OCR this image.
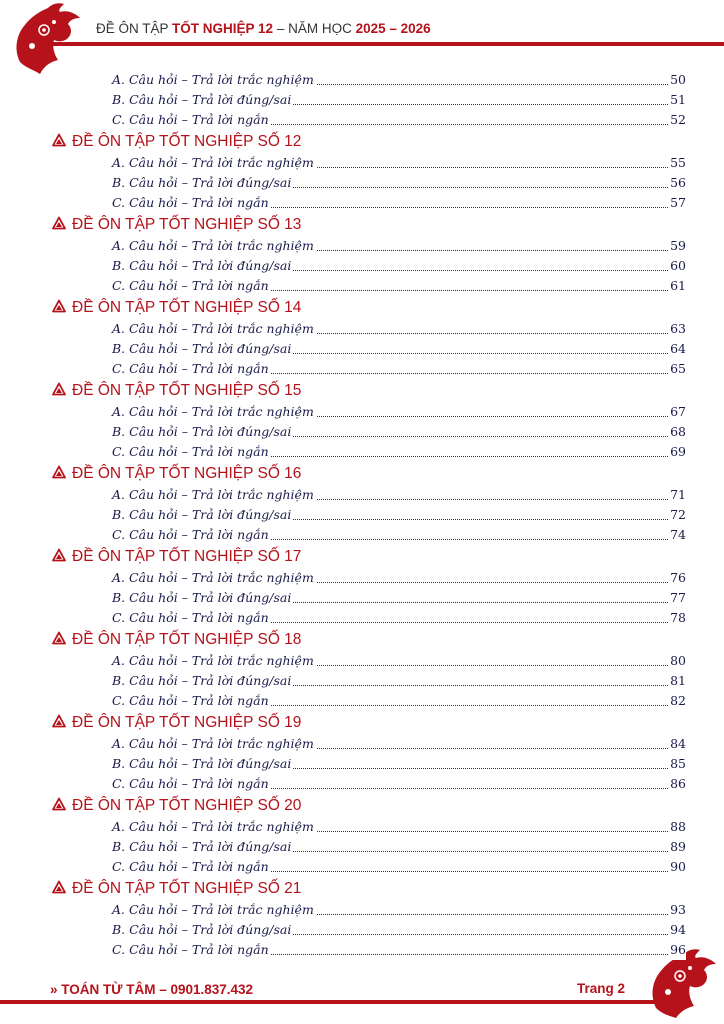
ĐỀ ÔN TẬP TỐT NGHIỆP 12 – NĂM HỌC 2025 – 2026
A. Câu hỏi – Trả lời trắc nghiệm	50
B. Câu hỏi – Trả lời đúng/sai	51
C. Câu hỏi – Trả lời ngắn	52
ĐỀ ÔN TẬP TỐT NGHIỆP SỐ 12
A. Câu hỏi – Trả lời trắc nghiệm	55
B. Câu hỏi – Trả lời đúng/sai	56
C. Câu hỏi – Trả lời ngắn	57
ĐỀ ÔN TẬP TỐT NGHIỆP SỐ 13
A. Câu hỏi – Trả lời trắc nghiệm	59
B. Câu hỏi – Trả lời đúng/sai	60
C. Câu hỏi – Trả lời ngắn	61
ĐỀ ÔN TẬP TỐT NGHIỆP SỐ 14
A. Câu hỏi – Trả lời trắc nghiệm	63
B. Câu hỏi – Trả lời đúng/sai	64
C. Câu hỏi – Trả lời ngắn	65
ĐỀ ÔN TẬP TỐT NGHIỆP SỐ 15
A. Câu hỏi – Trả lời trắc nghiệm	67
B. Câu hỏi – Trả lời đúng/sai	68
C. Câu hỏi – Trả lời ngắn	69
ĐỀ ÔN TẬP TỐT NGHIỆP SỐ 16
A. Câu hỏi – Trả lời trắc nghiệm	71
B. Câu hỏi – Trả lời đúng/sai	72
C. Câu hỏi – Trả lời ngắn	74
ĐỀ ÔN TẬP TỐT NGHIỆP SỐ 17
A. Câu hỏi – Trả lời trắc nghiệm	76
B. Câu hỏi – Trả lời đúng/sai	77
C. Câu hỏi – Trả lời ngắn	78
ĐỀ ÔN TẬP TỐT NGHIỆP SỐ 18
A. Câu hỏi – Trả lời trắc nghiệm	80
B. Câu hỏi – Trả lời đúng/sai	81
C. Câu hỏi – Trả lời ngắn	82
ĐỀ ÔN TẬP TỐT NGHIỆP SỐ 19
A. Câu hỏi – Trả lời trắc nghiệm	84
B. Câu hỏi – Trả lời đúng/sai	85
C. Câu hỏi – Trả lời ngắn	86
ĐỀ ÔN TẬP TỐT NGHIỆP SỐ 20
A. Câu hỏi – Trả lời trắc nghiệm	88
B. Câu hỏi – Trả lời đúng/sai	89
C. Câu hỏi – Trả lời ngắn	90
ĐỀ ÔN TẬP TỐT NGHIỆP SỐ 21
A. Câu hỏi – Trả lời trắc nghiệm	93
B. Câu hỏi – Trả lời đúng/sai	94
C. Câu hỏi – Trả lời ngắn	96
» TOÁN TỪ TÂM – 0901.837.432	Trang 2
